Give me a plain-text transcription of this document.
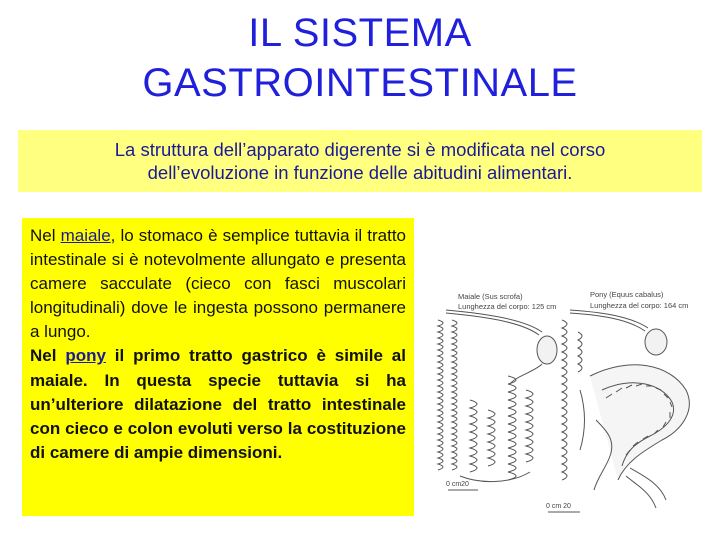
IL SISTEMA
GASTROINTESTINALE
La struttura dell’apparato digerente si è modificata nel corso
dell’evoluzione in funzione delle abitudini alimentari.

Nel maiale, lo stomaco è semplice tuttavia il tratto intestinale si è notevolmente allungato e presenta camere sacculate (cieco con fasci muscolari longitudinali) dove le ingesta possono permanere a lungo.

Nel pony il primo tratto gastrico è simile al maiale. In questa specie tuttavia si ha un’ulteriore dilatazione del tratto intestinale con cieco e colon evoluti verso la costituzione di camere di ampie dimensioni.

Maiale (Sus scrofa)
Lunghezza del corpo: 125 cm
Pony (Equus cabalus)
Lunghezza del corpo: 164 cm
0 cm20
0 cm 20
